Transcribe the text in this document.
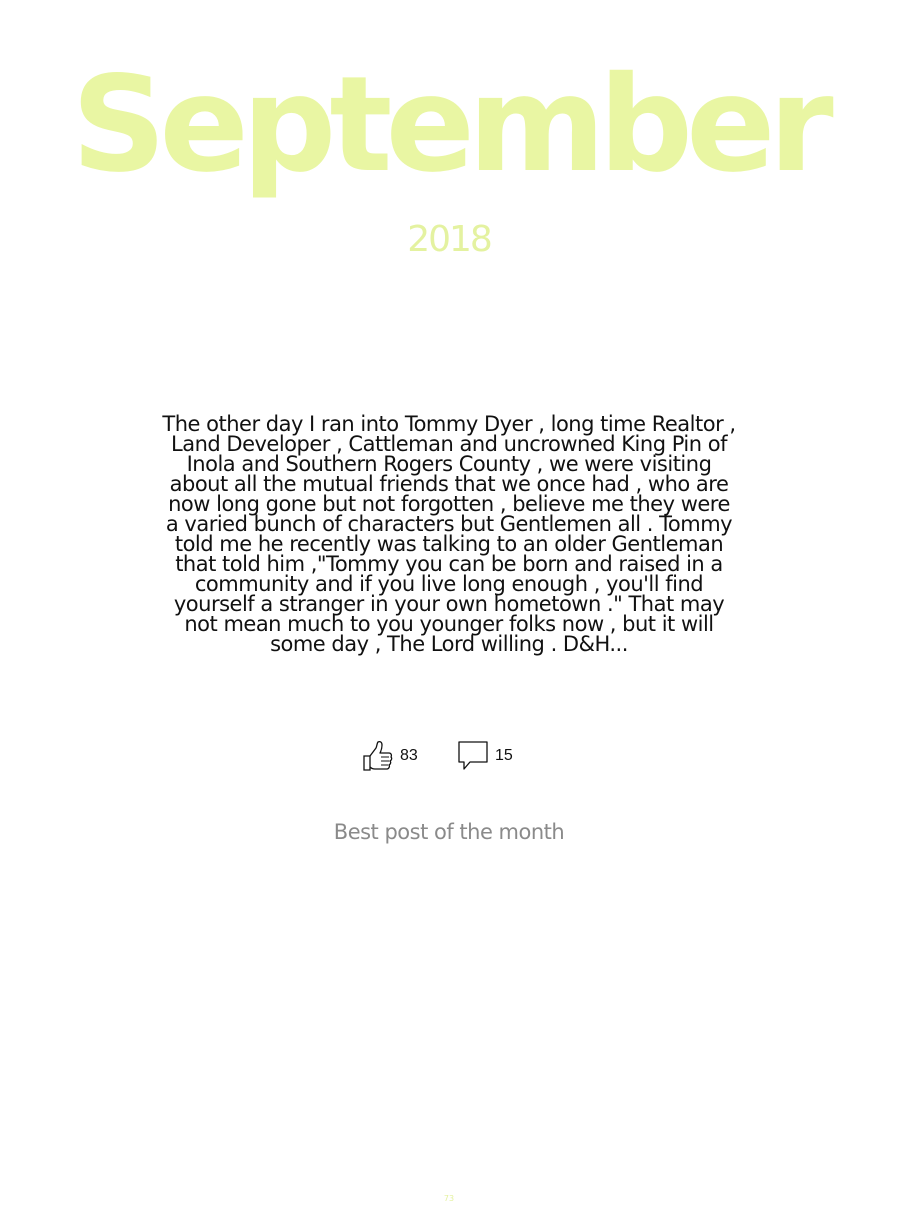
September
2018
The other day I ran into Tommy Dyer , long time Realtor , Land Developer , Cattleman and uncrowned King Pin of Inola and Southern Rogers County , we were visiting about all the mutual friends that we once had , who are now long gone but not forgotten , believe me they were a varied bunch of characters but Gentlemen all . Tommy told me he recently was talking to an older Gentleman that told him ,"Tommy you can be born and raised in a community and if you live long enough , you'll find yourself a stranger in your own hometown ." That may not mean much to you younger folks now , but it will some day , The Lord willing . D&H...
83	15
Best post of the month
73
